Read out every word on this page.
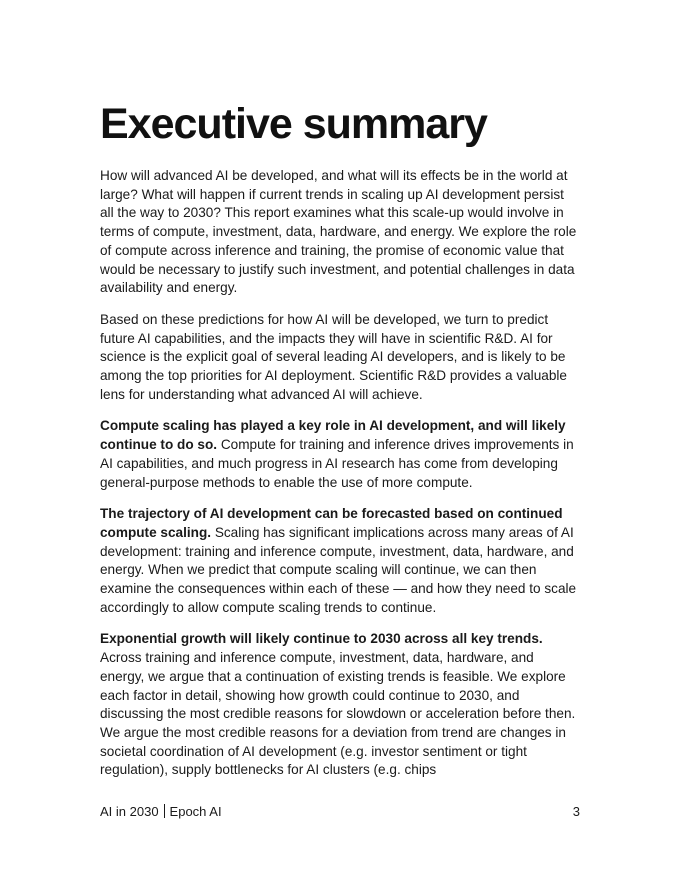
Executive summary

How will advanced AI be developed, and what will its effects be in the world at large? What will happen if current trends in scaling up AI development persist all the way to 2030? This report examines what this scale-up would involve in terms of compute, investment, data, hardware, and energy. We explore the role of compute across inference and training, the promise of economic value that would be necessary to justify such investment, and potential challenges in data availability and energy.

Based on these predictions for how AI will be developed, we turn to predict future AI capabilities, and the impacts they will have in scientific R&D. AI for science is the explicit goal of several leading AI developers, and is likely to be among the top priorities for AI deployment. Scientific R&D provides a valuable lens for understanding what advanced AI will achieve.

Compute scaling has played a key role in AI development, and will likely continue to do so. Compute for training and inference drives improvements in AI capabilities, and much progress in AI research has come from developing general-purpose methods to enable the use of more compute.

The trajectory of AI development can be forecasted based on continued compute scaling. Scaling has significant implications across many areas of AI development: training and inference compute, investment, data, hardware, and energy. When we predict that compute scaling will continue, we can then examine the consequences within each of these — and how they need to scale accordingly to allow compute scaling trends to continue.

Exponential growth will likely continue to 2030 across all key trends. Across training and inference compute, investment, data, hardware, and energy, we argue that a continuation of existing trends is feasible. We explore each factor in detail, showing how growth could continue to 2030, and discussing the most credible reasons for slowdown or acceleration before then. We argue the most credible reasons for a deviation from trend are changes in societal coordination of AI development (e.g. investor sentiment or tight regulation), supply bottlenecks for AI clusters (e.g. chips

AI in 2030 Epoch AI	3
